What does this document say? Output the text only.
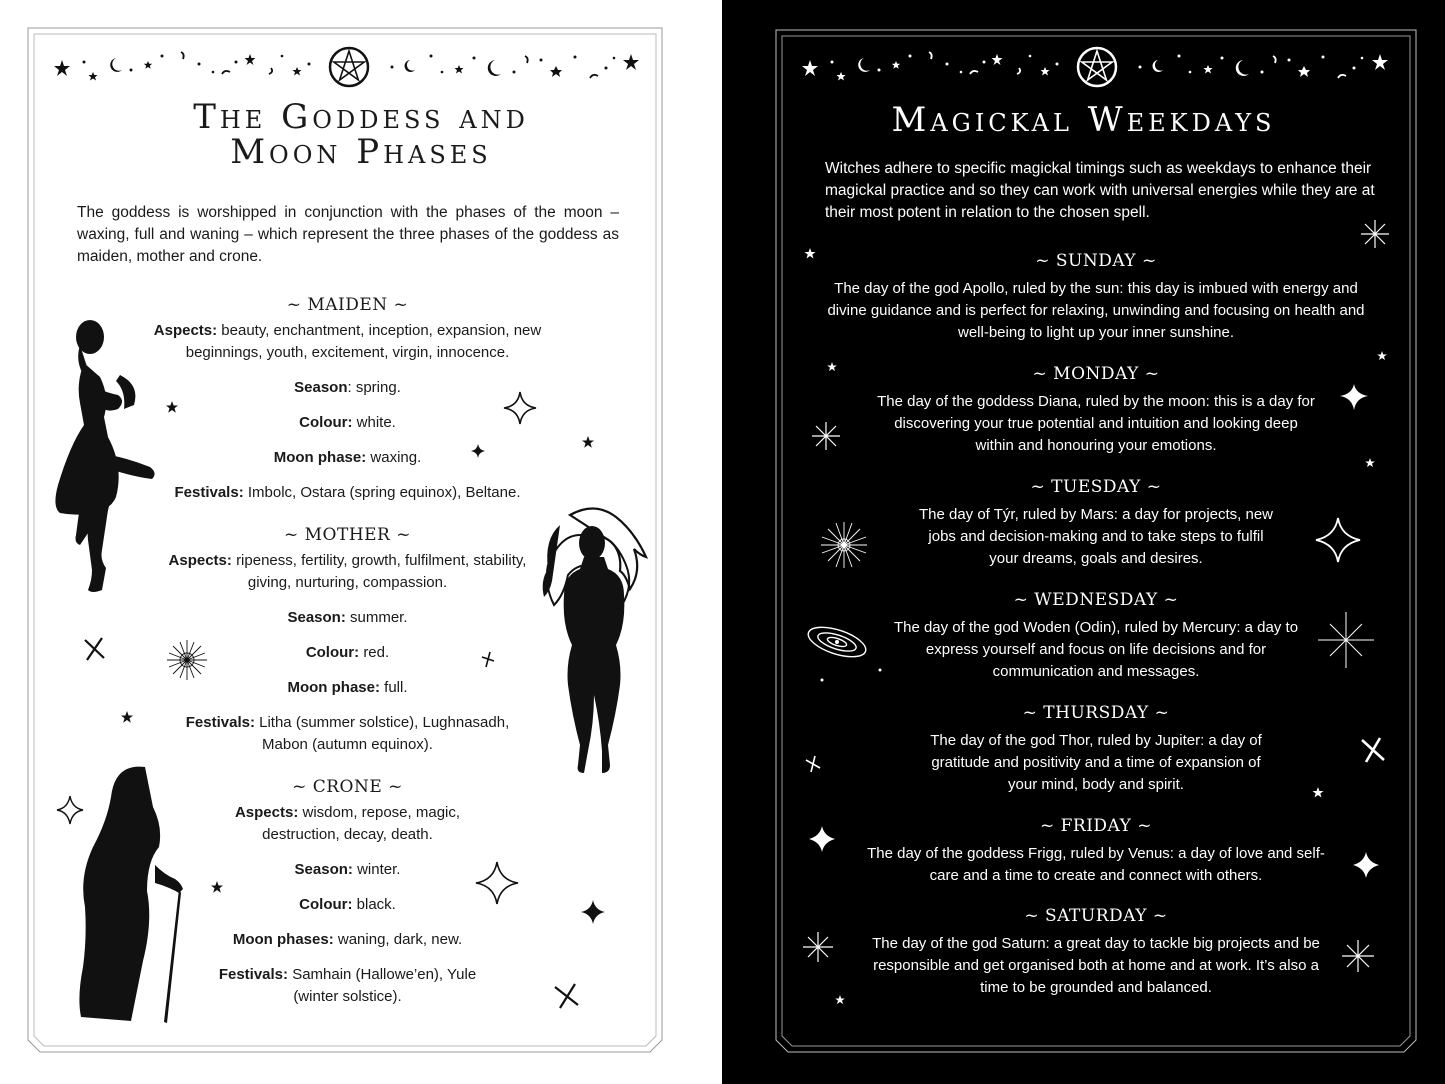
The Goddess and
Moon Phases

The goddess is worshipped in conjunction with the phases of the moon – waxing, full and waning – which represent the three phases of the goddess as maiden, mother and crone.

~ MAIDEN ~
Aspects: beauty, enchantment, inception, expansion, new beginnings, youth, excitement, virgin, innocence.
Season: spring.
Colour: white.
Moon phase: waxing.
Festivals: Imbolc, Ostara (spring equinox), Beltane.
~ MOTHER ~
Aspects: ripeness, fertility, growth, fulfilment, stability, giving, nurturing, compassion.
Season: summer.
Colour: red.
Moon phase: full.
Festivals: Litha (summer solstice), Lughnasadh, Mabon (autumn equinox).
~ CRONE ~
Aspects: wisdom, repose, magic, destruction, decay, death.
Season: winter.
Colour: black.
Moon phases: waning, dark, new.
Festivals: Samhain (Hallowe’en), Yule (winter solstice).
Magickal Weekdays

Witches adhere to specific magickal timings such as weekdays to enhance their magickal practice and so they can work with universal energies while they are at their most potent in relation to the chosen spell.

~ SUNDAY ~
The day of the god Apollo, ruled by the sun: this day is imbued with energy and divine guidance and is perfect for relaxing, unwinding and focusing on health and well-being to light up your inner sunshine.
~ MONDAY ~
The day of the goddess Diana, ruled by the moon: this is a day for discovering your true potential and intuition and looking deep within and honouring your emotions.
~ TUESDAY ~
The day of Týr, ruled by Mars: a day for projects, new jobs and decision-making and to take steps to fulfil your dreams, goals and desires.
~ WEDNESDAY ~
The day of the god Woden (Odin), ruled by Mercury: a day to express yourself and focus on life decisions and for communication and messages.
~ THURSDAY ~
The day of the god Thor, ruled by Jupiter: a day of gratitude and positivity and a time of expansion of your mind, body and spirit.
~ FRIDAY ~
The day of the goddess Frigg, ruled by Venus: a day of love and self-care and a time to create and connect with others.
~ SATURDAY ~
The day of the god Saturn: a great day to tackle big projects and be responsible and get organised both at home and at work. It’s also a time to be grounded and balanced.
